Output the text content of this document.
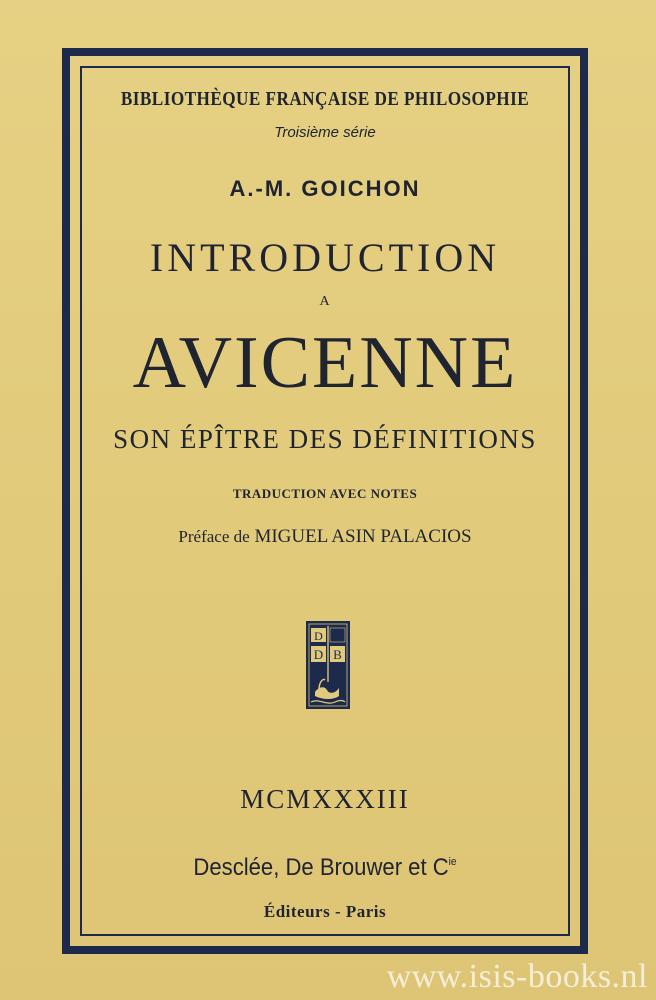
BIBLIOTHÈQUE FRANÇAISE DE PHILOSOPHIE
Troisième série
A.-M. GOICHON
INTRODUCTION
A
AVICENNE
SON ÉPÎTRE DES DÉFINITIONS
TRADUCTION AVEC NOTES
Préface de MIGUEL ASIN PALACIOS
D
D B
MCMXXXIII
Desclée, De Brouwer et $C^{ie}$
Éditeurs - Paris
www.isis-books.nl
